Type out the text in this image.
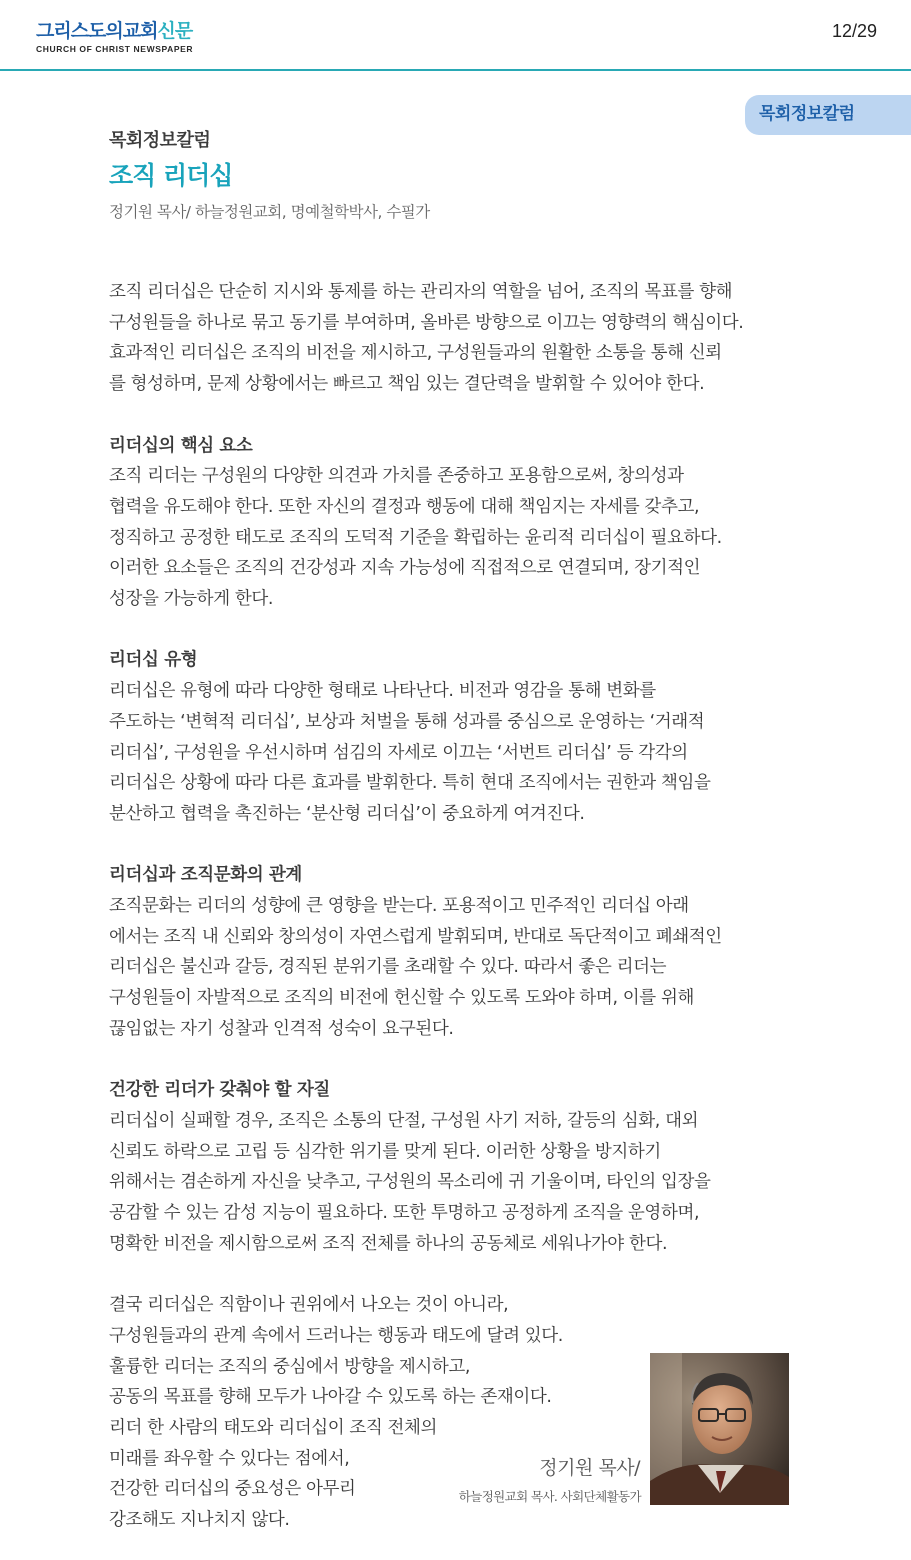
그리스도의교회신문
CHURCH OF CHRIST NEWSPAPER
12/29
목회정보칼럼
목회정보칼럼
조직 리더십
정기원 목사/ 하늘정원교회, 명예철학박사, 수필가

조직 리더십은 단순히 지시와 통제를 하는 관리자의 역할을 넘어, 조직의 목표를 향해
구성원들을 하나로 묶고 동기를 부여하며, 올바른 방향으로 이끄는 영향력의 핵심이다.
효과적인 리더십은 조직의 비전을 제시하고, 구성원들과의 원활한 소통을 통해 신뢰
를 형성하며, 문제 상황에서는 빠르고 책임 있는 결단력을 발휘할 수 있어야 한다.

리더십의 핵심 요소

조직 리더는 구성원의 다양한 의견과 가치를 존중하고 포용함으로써, 창의성과
협력을 유도해야 한다. 또한 자신의 결정과 행동에 대해 책임지는 자세를 갖추고,
정직하고 공정한 태도로 조직의 도덕적 기준을 확립하는 윤리적 리더십이 필요하다.
이러한 요소들은 조직의 건강성과 지속 가능성에 직접적으로 연결되며, 장기적인
성장을 가능하게 한다.

리더십 유형

리더십은 유형에 따라 다양한 형태로 나타난다. 비전과 영감을 통해 변화를
주도하는 ‘변혁적 리더십’, 보상과 처벌을 통해 성과를 중심으로 운영하는 ‘거래적
리더십’, 구성원을 우선시하며 섬김의 자세로 이끄는 ‘서번트 리더십’ 등 각각의
리더십은 상황에 따라 다른 효과를 발휘한다. 특히 현대 조직에서는 권한과 책임을
분산하고 협력을 촉진하는 ‘분산형 리더십’이 중요하게 여겨진다.

리더십과 조직문화의 관계

조직문화는 리더의 성향에 큰 영향을 받는다. 포용적이고 민주적인 리더십 아래
에서는 조직 내 신뢰와 창의성이 자연스럽게 발휘되며, 반대로 독단적이고 폐쇄적인
리더십은 불신과 갈등, 경직된 분위기를 초래할 수 있다. 따라서 좋은 리더는
구성원들이 자발적으로 조직의 비전에 헌신할 수 있도록 도와야 하며, 이를 위해
끊임없는 자기 성찰과 인격적 성숙이 요구된다.

건강한 리더가 갖춰야 할 자질

리더십이 실패할 경우, 조직은 소통의 단절, 구성원 사기 저하, 갈등의 심화, 대외
신뢰도 하락으로 고립 등 심각한 위기를 맞게 된다. 이러한 상황을 방지하기
위해서는 겸손하게 자신을 낮추고, 구성원의 목소리에 귀 기울이며, 타인의 입장을
공감할 수 있는 감성 지능이 필요하다. 또한 투명하고 공정하게 조직을 운영하며,
명확한 비전을 제시함으로써 조직 전체를 하나의 공동체로 세워나가야 한다.

결국 리더십은 직함이나 권위에서 나오는 것이 아니라,
구성원들과의 관계 속에서 드러나는 행동과 태도에 달려 있다.
훌륭한 리더는 조직의 중심에서 방향을 제시하고,
공동의 목표를 향해 모두가 나아갈 수 있도록 하는 존재이다.
리더 한 사람의 태도와 리더십이 조직 전체의
미래를 좌우할 수 있다는 점에서,
건강한 리더십의 중요성은 아무리
강조해도 지나치지 않다.

정기원 목사/
하늘정원교회 목사. 사회단체활동가
